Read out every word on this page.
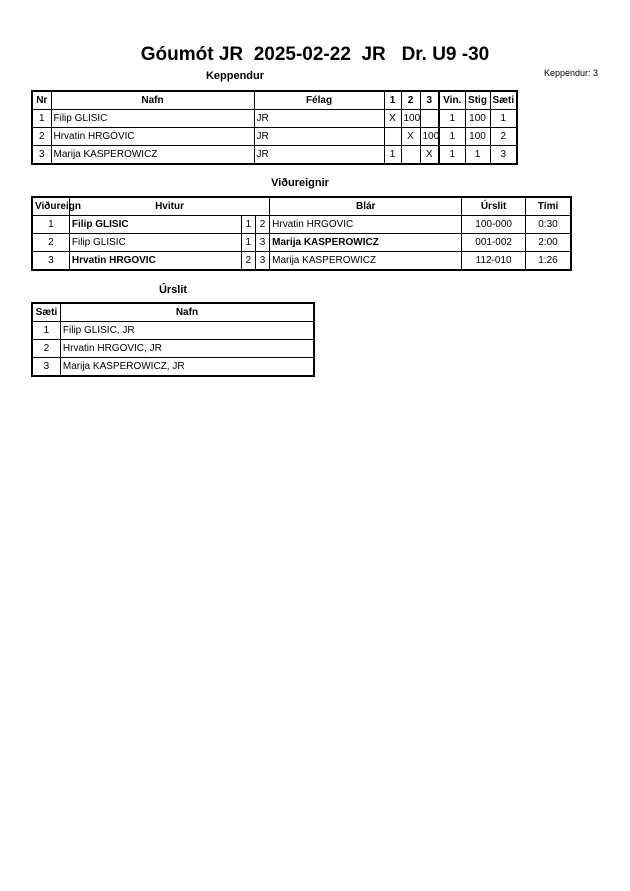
Góumót JR  2025-02-22  JR   Dr. U9 -30
Keppendur: 3
Keppendur
Nr	Nafn	Félag	1	2	3	Vin.	Stig	Sæti
1	Filip GLISIC	JR	X	100		1	100	1
2	Hrvatin HRGOVIC	JR		X	100	1	100	2
3	Marija KASPEROWICZ	JR	1		X	1	1	3
Viðureignir
Viðureign	Hvitur			Blár	Úrslit	Tími
1	Filip GLISIC	1	2	Hrvatin HRGOVIC	100-000	0:30
2	Filip GLISIC	1	3	Marija KASPEROWICZ	001-002	2:00
3	Hrvatin HRGOVIC	2	3	Marija KASPEROWICZ	112-010	1:26
Úrslit
Sæti	Nafn
1	Filip GLISIC, JR
2	Hrvatin HRGOVIC, JR
3	Marija KASPEROWICZ, JR
